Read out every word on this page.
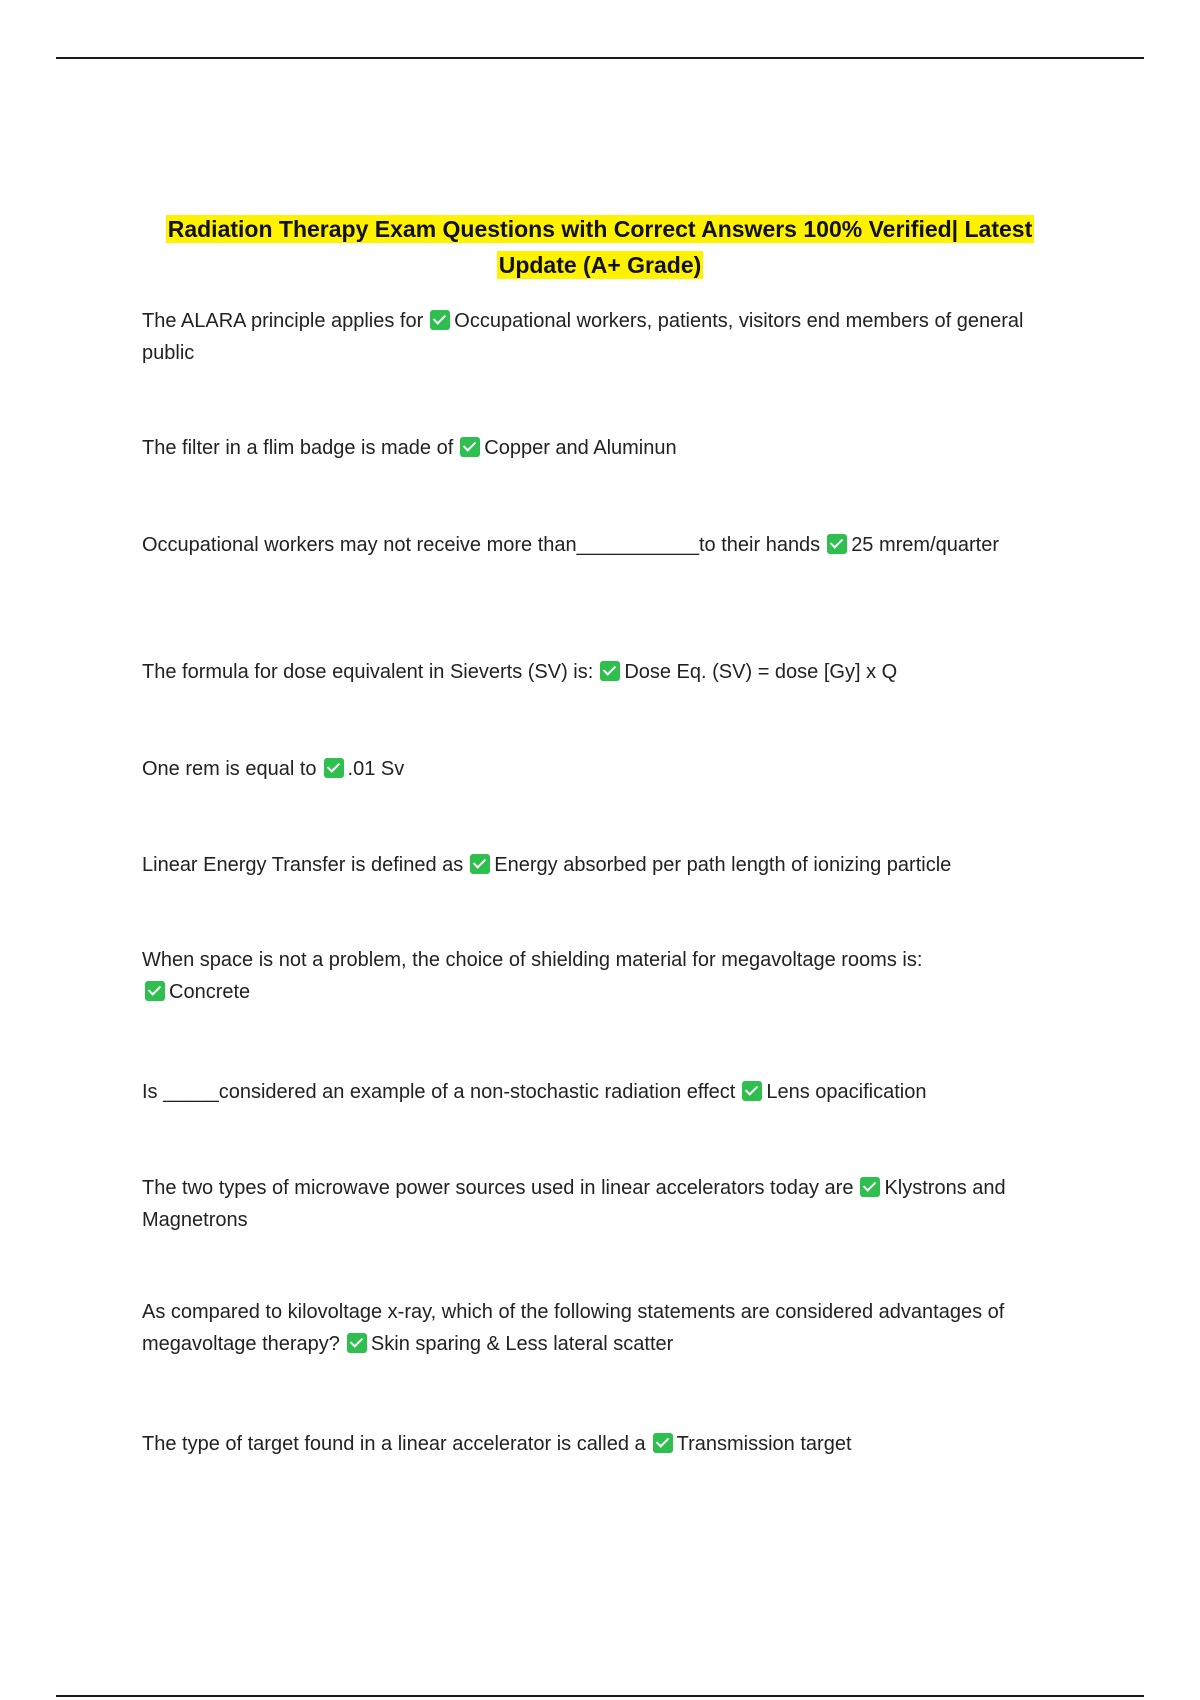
Radiation Therapy Exam Questions with Correct Answers 100% Verified| Latest
Update (A+ Grade)
The ALARA principle applies for Occupational workers, patients, visitors end members of general public
The filter in a flim badge is made of Copper and Aluminun
Occupational workers may not receive more than___________to their hands 25 mrem/quarter
The formula for dose equivalent in Sieverts (SV) is: Dose Eq. (SV) = dose [Gy] x Q
One rem is equal to .01 Sv
Linear Energy Transfer is defined as Energy absorbed per path length of ionizing particle
When space is not a problem, the choice of shielding material for megavoltage rooms is:
Concrete
Is _____considered an example of a non-stochastic radiation effect Lens opacification
The two types of microwave power sources used in linear accelerators today are Klystrons and Magnetrons
As compared to kilovoltage x-ray, which of the following statements are considered advantages of megavoltage therapy? Skin sparing & Less lateral scatter
The type of target found in a linear accelerator is called a Transmission target
